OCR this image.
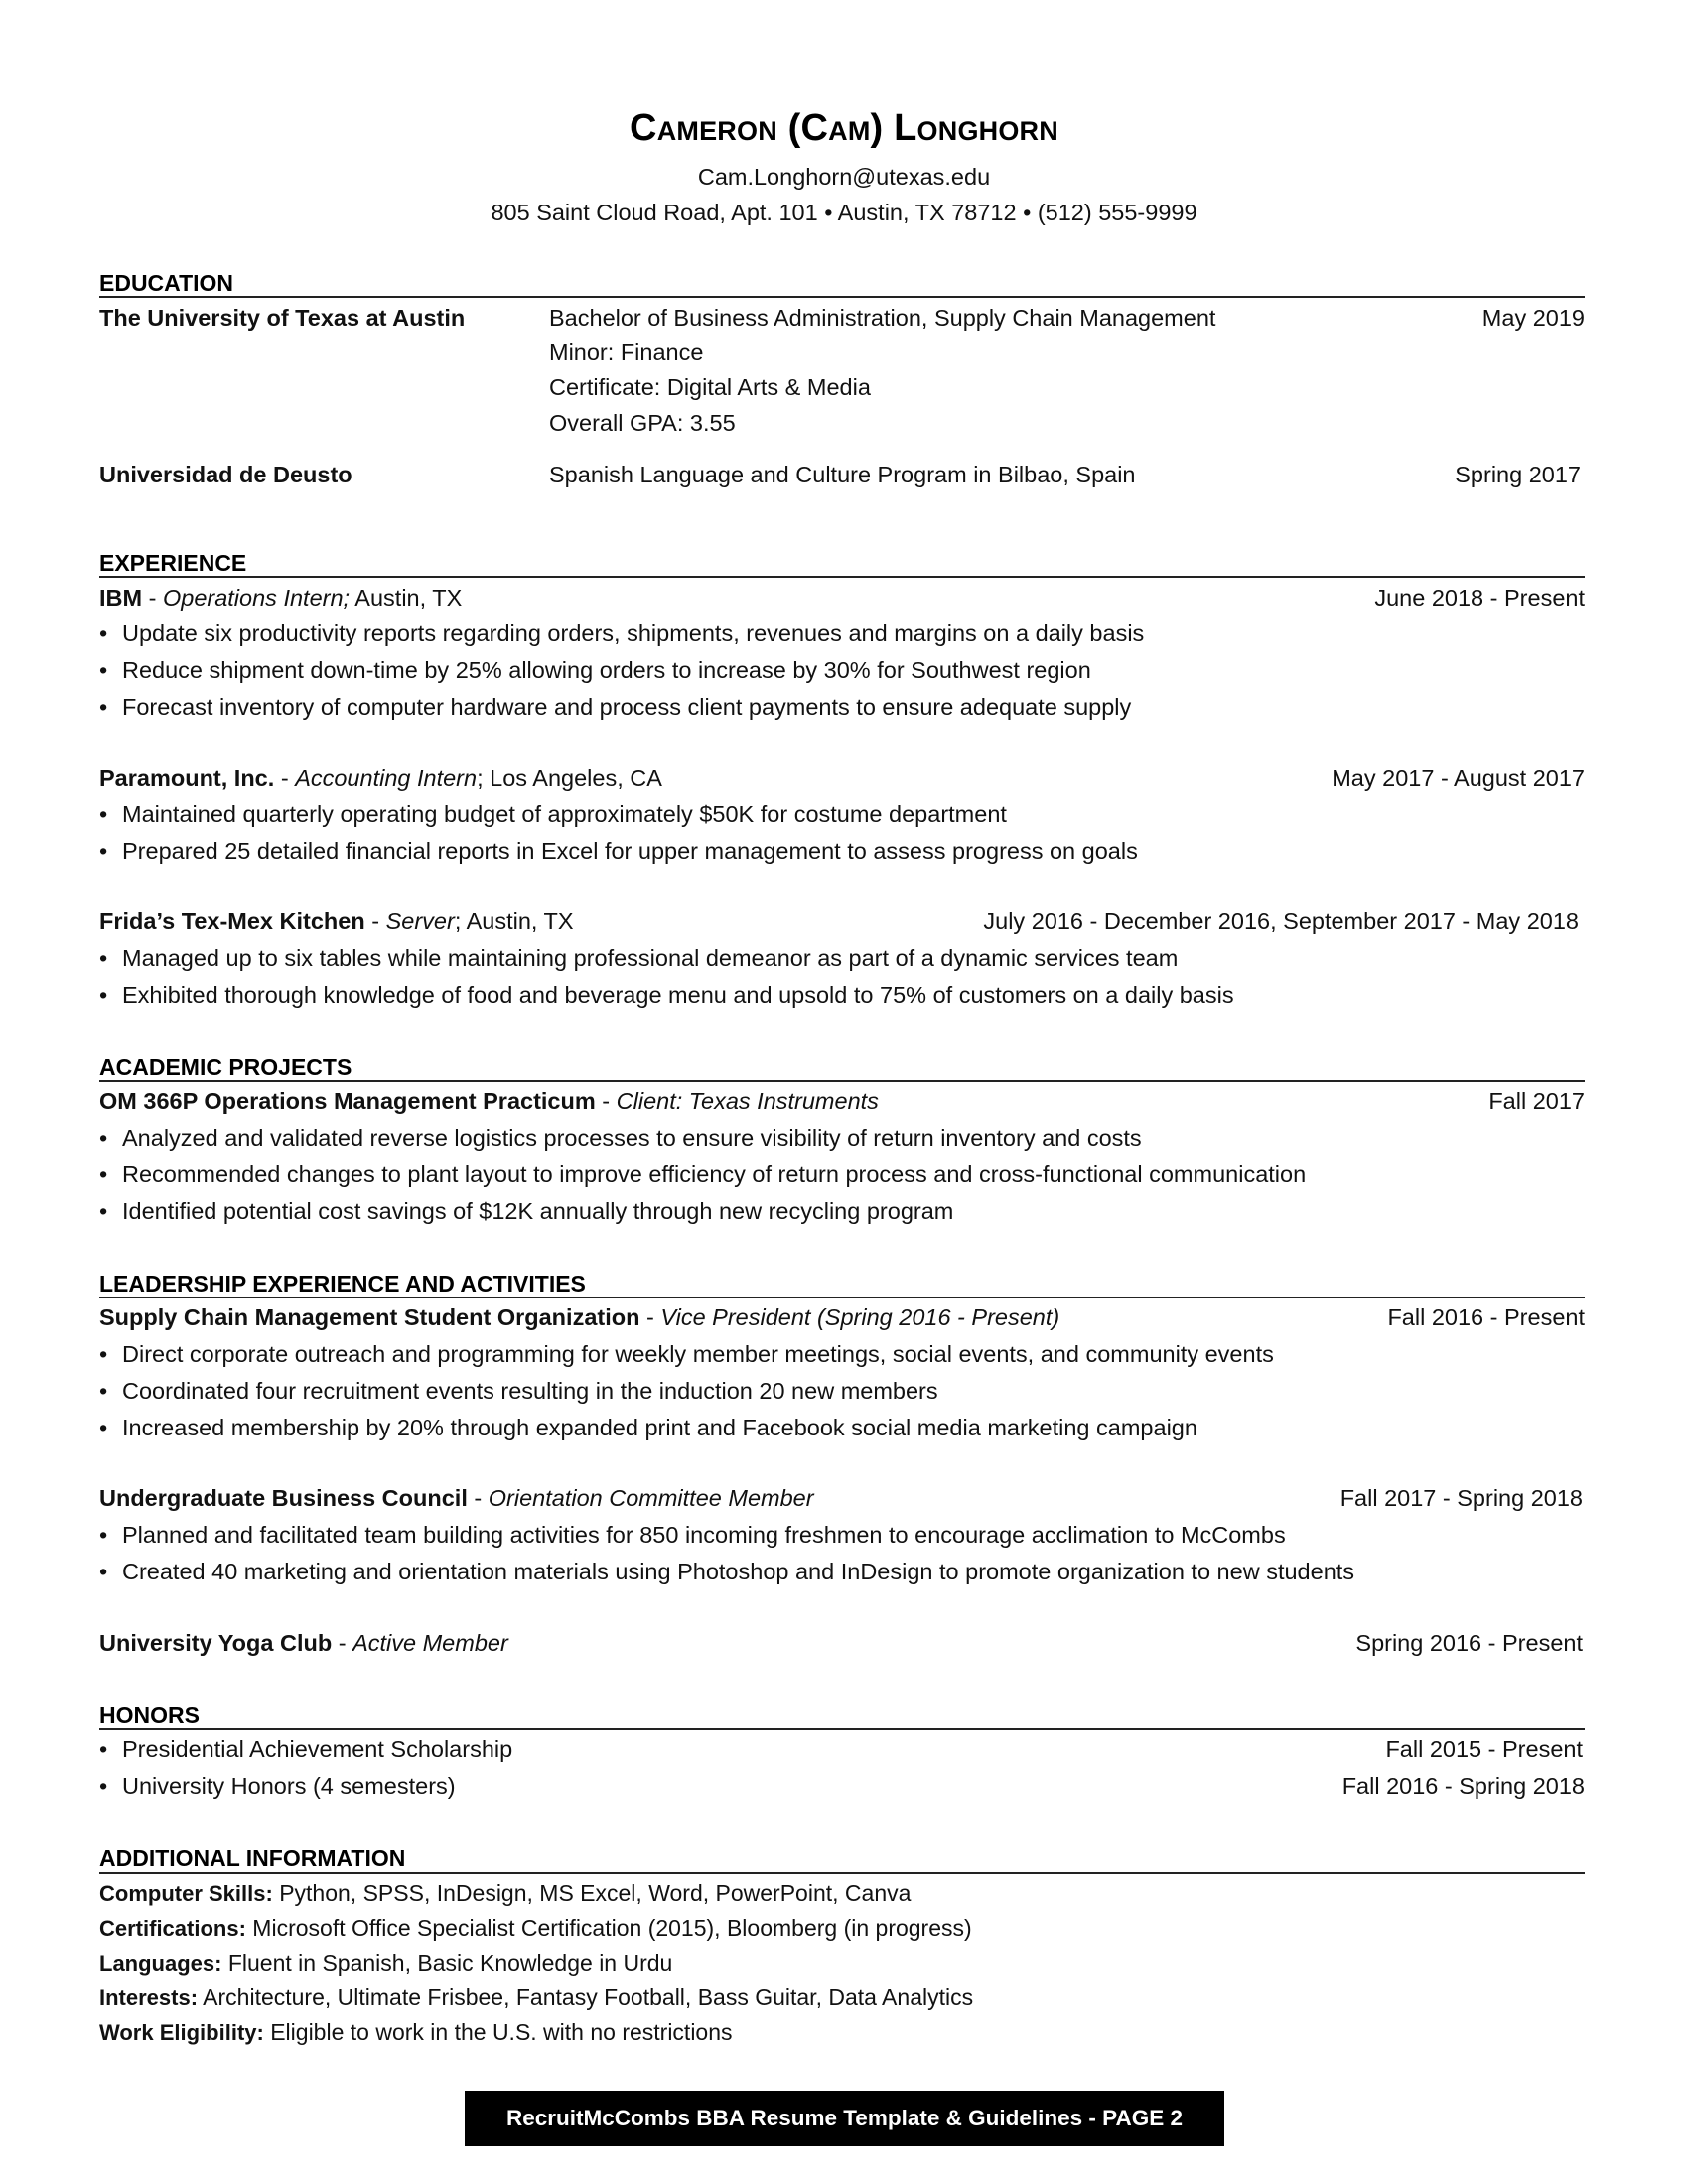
Cameron (Cam) Longhorn
Cam.Longhorn@utexas.edu
805 Saint Cloud Road, Apt. 101 • Austin, TX 78712 • (512) 555-9999
EDUCATION
The University of Texas at Austin	Bachelor of Business Administration, Supply Chain Management	May 2019
Minor: Finance
Certificate: Digital Arts & Media
Overall GPA: 3.55
Universidad de Deusto	Spanish Language and Culture Program in Bilbao, Spain	Spring 2017
EXPERIENCE
IBM - Operations Intern; Austin, TX	June 2018 - Present
• Update six productivity reports regarding orders, shipments, revenues and margins on a daily basis
• Reduce shipment down-time by 25% allowing orders to increase by 30% for Southwest region
• Forecast inventory of computer hardware and process client payments to ensure adequate supply
Paramount, Inc. - Accounting Intern; Los Angeles, CA	May 2017 - August 2017
• Maintained quarterly operating budget of approximately $50K for costume department
• Prepared 25 detailed financial reports in Excel for upper management to assess progress on goals
Frida’s Tex-Mex Kitchen - Server; Austin, TX	July 2016 - December 2016, September 2017 - May 2018
• Managed up to six tables while maintaining professional demeanor as part of a dynamic services team
• Exhibited thorough knowledge of food and beverage menu and upsold to 75% of customers on a daily basis
ACADEMIC PROJECTS
OM 366P Operations Management Practicum - Client: Texas Instruments	Fall 2017
• Analyzed and validated reverse logistics processes to ensure visibility of return inventory and costs
• Recommended changes to plant layout to improve efficiency of return process and cross-functional communication
• Identified potential cost savings of $12K annually through new recycling program
LEADERSHIP EXPERIENCE AND ACTIVITIES
Supply Chain Management Student Organization - Vice President (Spring 2016 - Present)	Fall 2016 - Present
• Direct corporate outreach and programming for weekly member meetings, social events, and community events
• Coordinated four recruitment events resulting in the induction 20 new members
• Increased membership by 20% through expanded print and Facebook social media marketing campaign
Undergraduate Business Council - Orientation Committee Member	Fall 2017 - Spring 2018
• Planned and facilitated team building activities for 850 incoming freshmen to encourage acclimation to McCombs
• Created 40 marketing and orientation materials using Photoshop and InDesign to promote organization to new students
University Yoga Club - Active Member	Spring 2016 - Present
HONORS
• Presidential Achievement Scholarship	Fall 2015 - Present
• University Honors (4 semesters)	Fall 2016 - Spring 2018
ADDITIONAL INFORMATION
Computer Skills: Python, SPSS, InDesign, MS Excel, Word, PowerPoint, Canva
Certifications: Microsoft Office Specialist Certification (2015), Bloomberg (in progress)
Languages: Fluent in Spanish, Basic Knowledge in Urdu
Interests: Architecture, Ultimate Frisbee, Fantasy Football, Bass Guitar, Data Analytics
Work Eligibility: Eligible to work in the U.S. with no restrictions
RecruitMcCombs BBA Resume Template & Guidelines - PAGE 2
